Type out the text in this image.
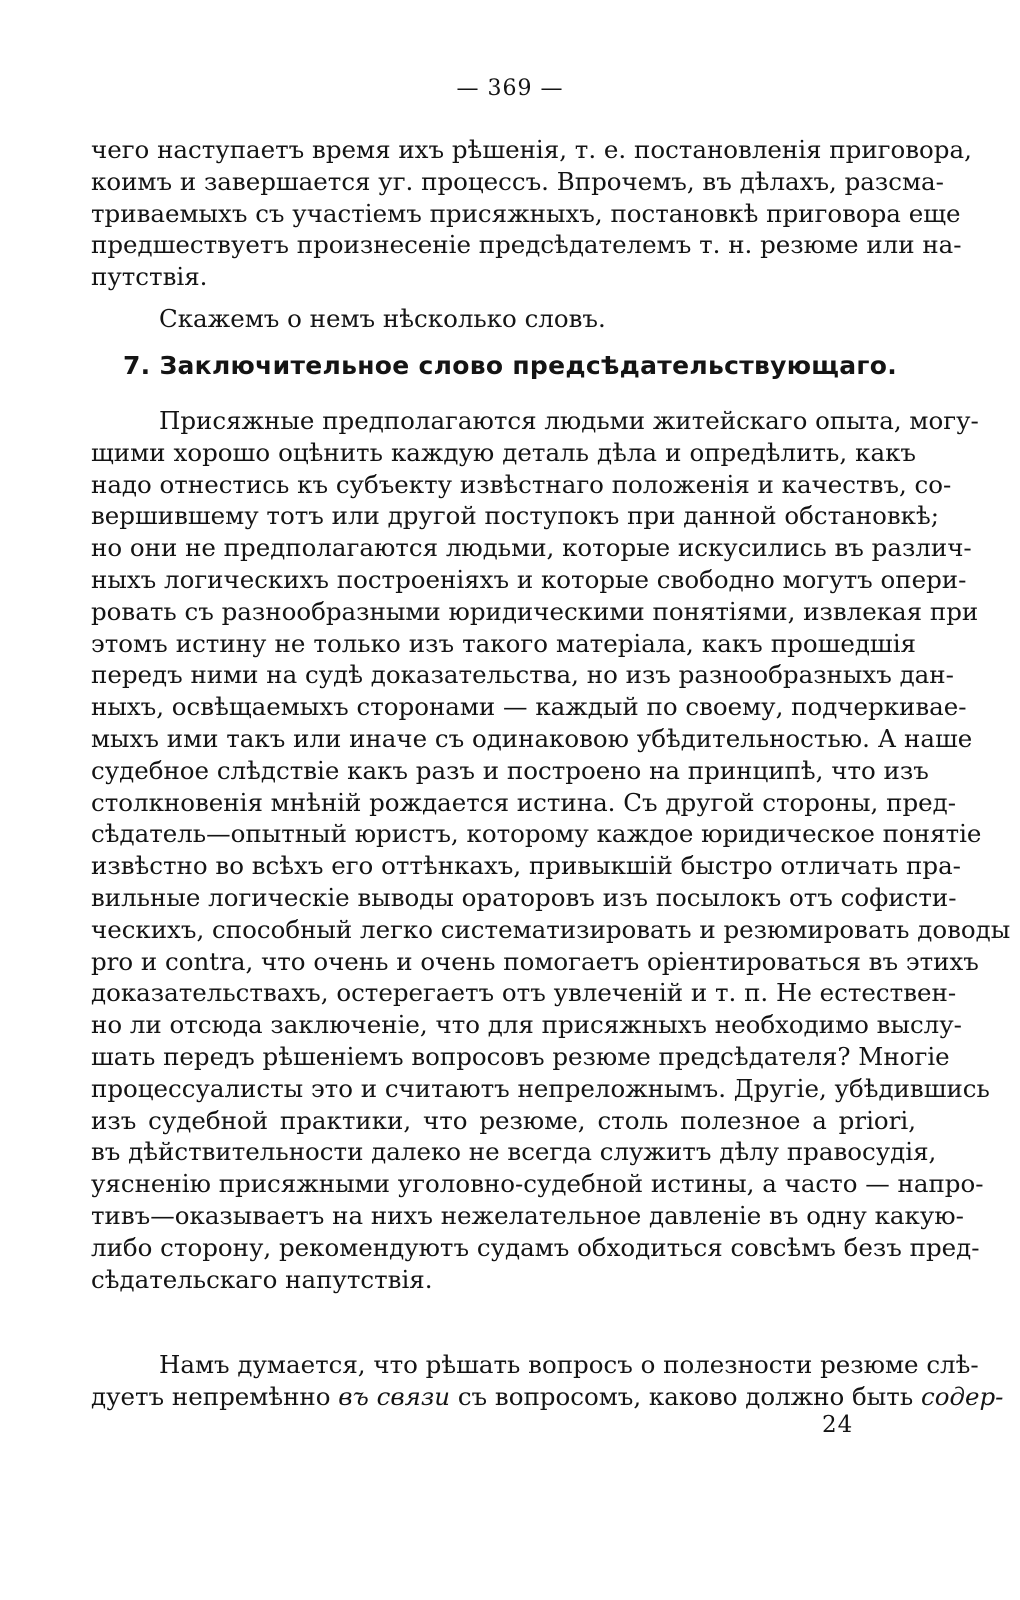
— 369 —
чего наступаетъ время ихъ рѣшенія, т. е. постановленія приговора,
коимъ и завершается уг. процессъ. Впрочемъ, въ дѣлахъ, разсма-
триваемыхъ съ участіемъ присяжныхъ, постановкѣ приговора еще
предшествуетъ произнесеніе предсѣдателемъ т. н. резюме или на-
путствія.
Скажемъ о немъ нѣсколько словъ.
7. Заключительное слово предсѣдательствующаго.
Присяжные предполагаются людьми житейскаго опыта, могу-
щими хорошо оцѣнить каждую деталь дѣла и опредѣлить, какъ
надо отнестись къ субъекту извѣстнаго положенія и качествъ, со-
вершившему тотъ или другой поступокъ при данной обстановкѣ;
но они не предполагаются людьми, которые искусились въ различ-
ныхъ логическихъ построеніяхъ и которые свободно могутъ опери-
ровать съ разнообразными юридическими понятіями, извлекая при
этомъ истину не только изъ такого матеріала, какъ прошедшія
передъ ними на судѣ доказательства, но изъ разнообразныхъ дан-
ныхъ, освѣщаемыхъ сторонами — каждый по своему, подчеркивае-
мыхъ ими такъ или иначе съ одинаковою убѣдительностью. А наше
судебное слѣдствіе какъ разъ и построено на принципѣ, что изъ
столкновенія мнѣній рождается истина. Съ другой стороны, пред-
сѣдатель—опытный юристъ, которому каждое юридическое понятіе
извѣстно во всѣхъ его оттѣнкахъ, привыкшій быстро отличать пра-
вильные логическіе выводы ораторовъ изъ посылокъ отъ софисти-
ческихъ, способный легко систематизировать и резюмировать доводы
pro и contra, что очень и очень помогаетъ оріентироваться въ этихъ
доказательствахъ, остерегаетъ отъ увлеченій и т. п. Не естествен-
но ли отсюда заключеніе, что для присяжныхъ необходимо выслу-
шать передъ рѣшеніемъ вопросовъ резюме предсѣдателя? Многіе
процессуалисты это и считаютъ непреложнымъ. Другіе, убѣдившись
изъ судебной практики, что резюме, столь полезное a priori,
въ дѣйствительности далеко не всегда служитъ дѣлу правосудія,
уясненію присяжными уголовно-судебной истины, а часто — напро-
тивъ—оказываетъ на нихъ нежелательное давленіе въ одну какую-
либо сторону, рекомендуютъ судамъ обходиться совсѣмъ безъ пред-
сѣдательскаго напутствія.
Намъ думается, что рѣшать вопросъ о полезности резюме слѣ-
дуетъ непремѣнно въ связи съ вопросомъ, каково должно быть содер-
24
